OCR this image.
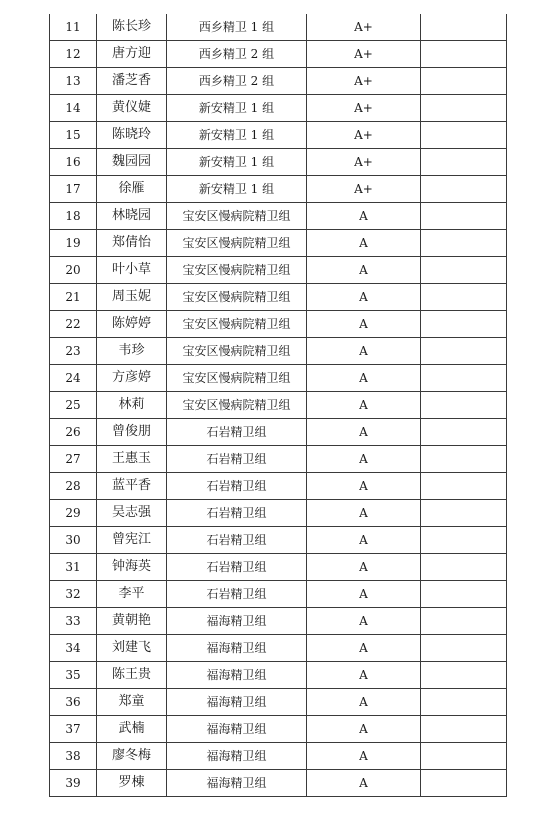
11	陈长珍	西乡精卫 1 组	A+	
12	唐方迎	西乡精卫 2 组	A+	
13	潘芝香	西乡精卫 2 组	A+	
14	黄仪婕	新安精卫 1 组	A+	
15	陈晓玲	新安精卫 1 组	A+	
16	魏园园	新安精卫 1 组	A+	
17	徐雁	新安精卫 1 组	A+	
18	林晓园	宝安区慢病院精卫组	A	
19	郑倩怡	宝安区慢病院精卫组	A	
20	叶小草	宝安区慢病院精卫组	A	
21	周玉妮	宝安区慢病院精卫组	A	
22	陈婷婷	宝安区慢病院精卫组	A	
23	韦珍	宝安区慢病院精卫组	A	
24	方彦婷	宝安区慢病院精卫组	A	
25	林莉	宝安区慢病院精卫组	A	
26	曾俊朋	石岩精卫组	A	
27	王惠玉	石岩精卫组	A	
28	蓝平香	石岩精卫组	A	
29	吴志强	石岩精卫组	A	
30	曾宪江	石岩精卫组	A	
31	钟海英	石岩精卫组	A	
32	李平	石岩精卫组	A	
33	黄朝艳	福海精卫组	A	
34	刘建飞	福海精卫组	A	
35	陈王贵	福海精卫组	A	
36	郑童	福海精卫组	A	
37	武楠	福海精卫组	A	
38	廖冬梅	福海精卫组	A	
39	罗棟	福海精卫组	A	
